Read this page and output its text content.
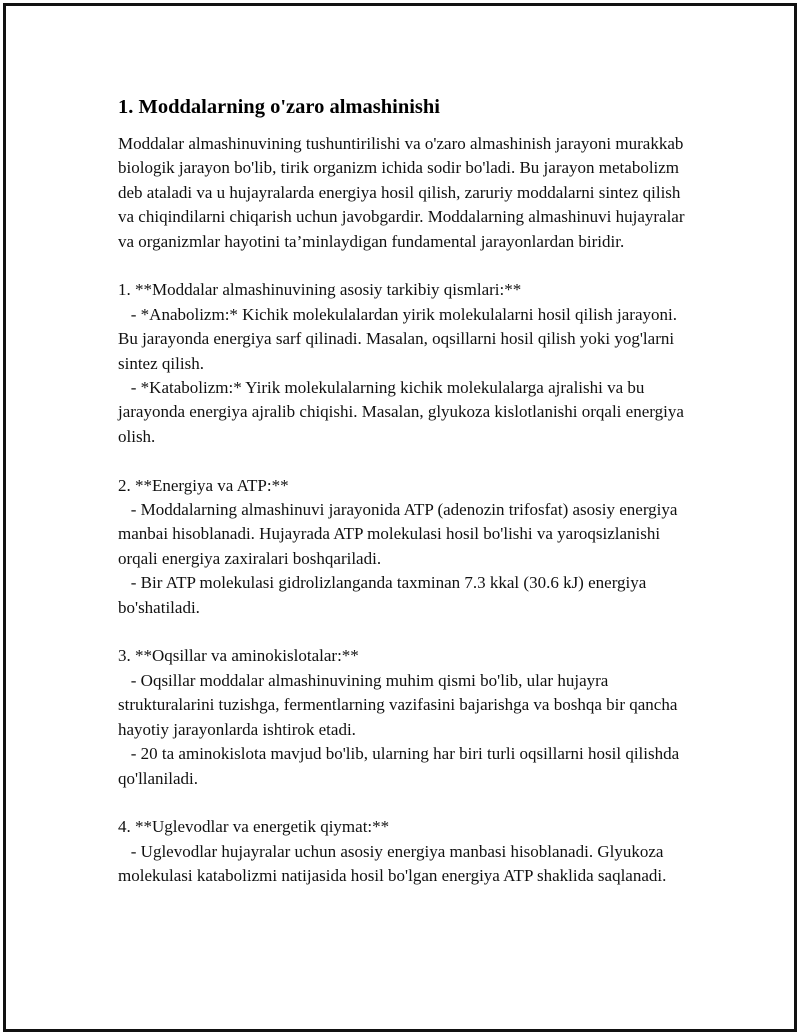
1. Moddalarning o'zaro almashinishi

Moddalar almashinuvining tushuntirilishi va o'zaro almashinish jarayoni murakkab biologik jarayon bo'lib, tirik organizm ichida sodir bo'ladi. Bu jarayon metabolizm deb ataladi va u hujayralarda energiya hosil qilish, zaruriy moddalarni sintez qilish va chiqindilarni chiqarish uchun javobgardir. Moddalarning almashinuvi hujayralar va organizmlar hayotini ta’minlaydigan fundamental jarayonlardan biridir.

1. **Moddalar almashinuvining asosiy tarkibiy qismlari:**

- *Anabolizm:* Kichik molekulalardan yirik molekulalarni hosil qilish jarayoni. Bu jarayonda energiya sarf qilinadi. Masalan, oqsillarni hosil qilish yoki yog'larni sintez qilish.

- *Katabolizm:* Yirik molekulalarning kichik molekulalarga ajralishi va bu jarayonda energiya ajralib chiqishi. Masalan, glyukoza kislotlanishi orqali energiya olish.

2. **Energiya va ATP:**

- Moddalarning almashinuvi jarayonida ATP (adenozin trifosfat) asosiy energiya manbai hisoblanadi. Hujayrada ATP molekulasi hosil bo'lishi va yaroqsizlanishi orqali energiya zaxiralari boshqariladi.

- Bir ATP molekulasi gidrolizlanganda taxminan 7.3 kkal (30.6 kJ) energiya bo'shatiladi.

3. **Oqsillar va aminokislotalar:**

- Oqsillar moddalar almashinuvining muhim qismi bo'lib, ular hujayra strukturalarini tuzishga, fermentlarning vazifasini bajarishga va boshqa bir qancha hayotiy jarayonlarda ishtirok etadi.

- 20 ta aminokislota mavjud bo'lib, ularning har biri turli oqsillarni hosil qilishda qo'llaniladi.

4. **Uglevodlar va energetik qiymat:**

- Uglevodlar hujayralar uchun asosiy energiya manbasi hisoblanadi. Glyukoza molekulasi katabolizmi natijasida hosil bo'lgan energiya ATP shaklida saqlanadi.
